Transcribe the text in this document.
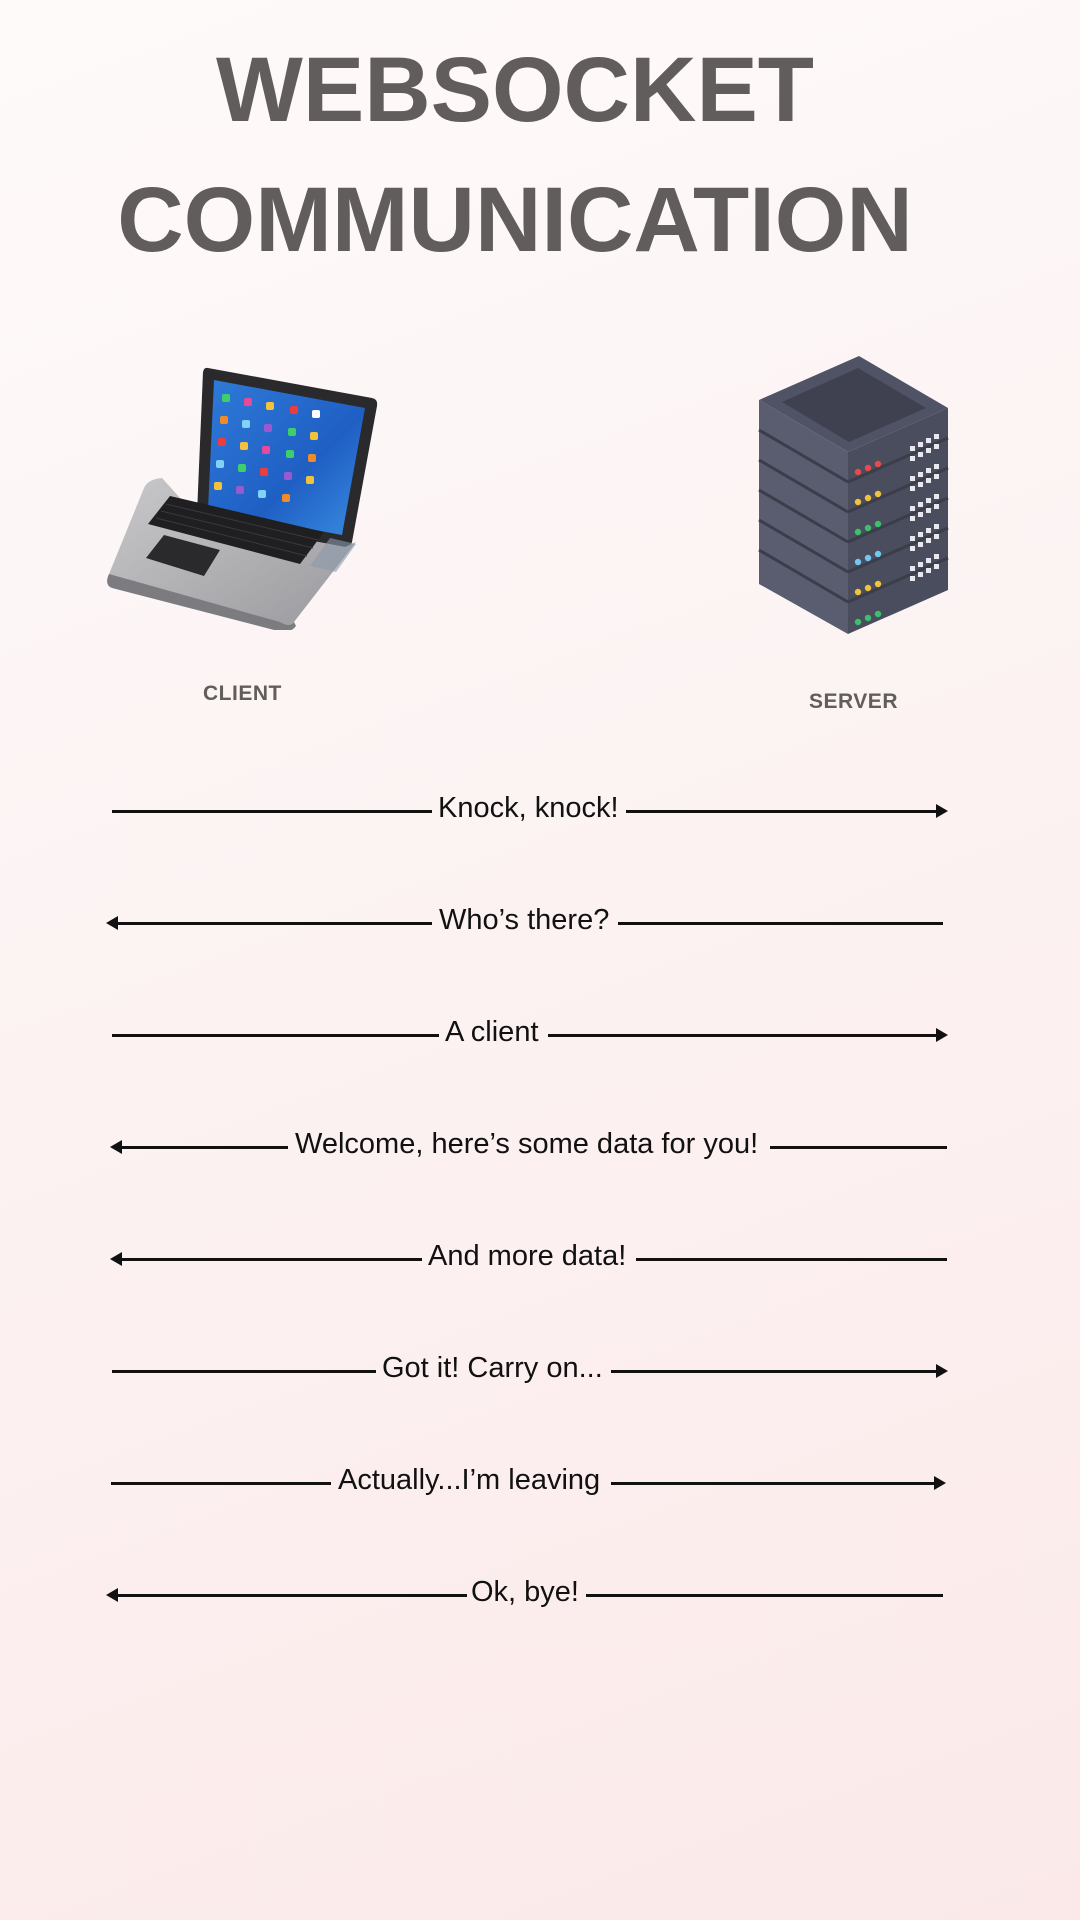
WEBSOCKET
COMMUNICATION
CLIENT	SERVER
Knock, knock!
Who’s there?
A client
Welcome, here’s some data for you!
And more data!
Got it! Carry on...
Actually...I’m leaving
Ok, bye!
